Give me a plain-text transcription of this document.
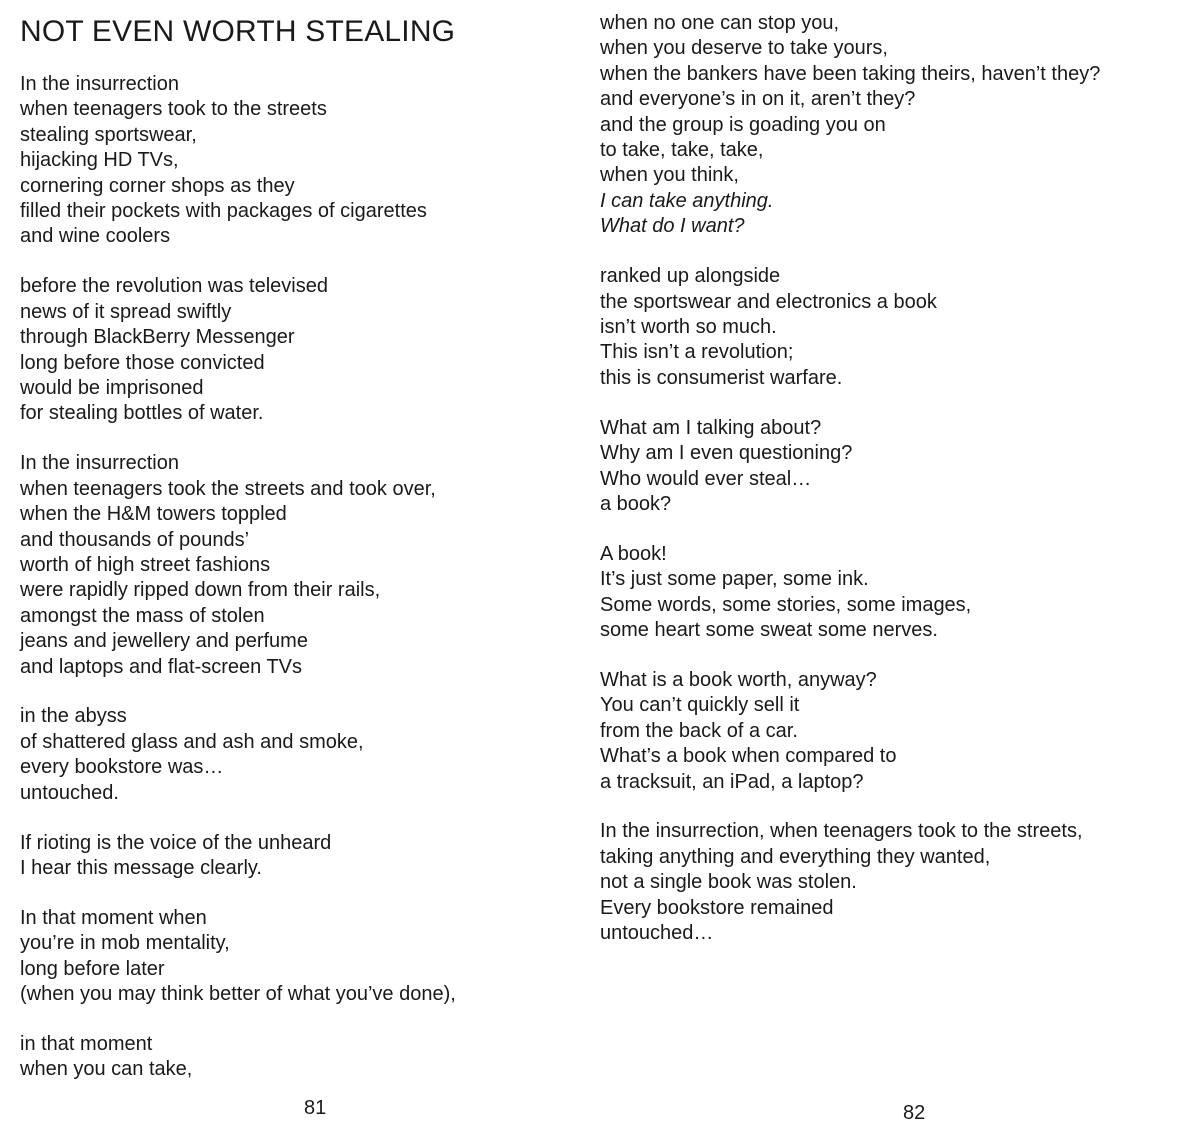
NOT EVEN WORTH STEALING
In the insurrection
when teenagers took to the streets
stealing sportswear,
hijacking HD TVs,
cornering corner shops as they
filled their pockets with packages of cigarettes
and wine coolers
before the revolution was televised
news of it spread swiftly
through BlackBerry Messenger
long before those convicted
would be imprisoned
for stealing bottles of water.
In the insurrection
when teenagers took the streets and took over,
when the H&M towers toppled
and thousands of pounds’
worth of high street fashions
were rapidly ripped down from their rails,
amongst the mass of stolen
jeans and jewellery and perfume
and laptops and flat-screen TVs
in the abyss
of shattered glass and ash and smoke,
every bookstore was…
untouched.
If rioting is the voice of the unheard
I hear this message clearly.
In that moment when
you’re in mob mentality,
long before later
(when you may think better of what you’ve done),
in that moment
when you can take,
81
when no one can stop you,
when you deserve to take yours,
when the bankers have been taking theirs, haven’t they?
and everyone’s in on it, aren’t they?
and the group is goading you on
to take, take, take,
when you think,
I can take anything.
What do I want?
ranked up alongside
the sportswear and electronics a book
isn’t worth so much.
This isn’t a revolution;
this is consumerist warfare.
What am I talking about?
Why am I even questioning?
Who would ever steal…
a book?
A book!
It’s just some paper, some ink.
Some words, some stories, some images,
some heart some sweat some nerves.
What is a book worth, anyway?
You can’t quickly sell it
from the back of a car.
What’s a book when compared to
a tracksuit, an iPad, a laptop?
In the insurrection, when teenagers took to the streets,
taking anything and everything they wanted,
not a single book was stolen.
Every bookstore remained
untouched…
82
